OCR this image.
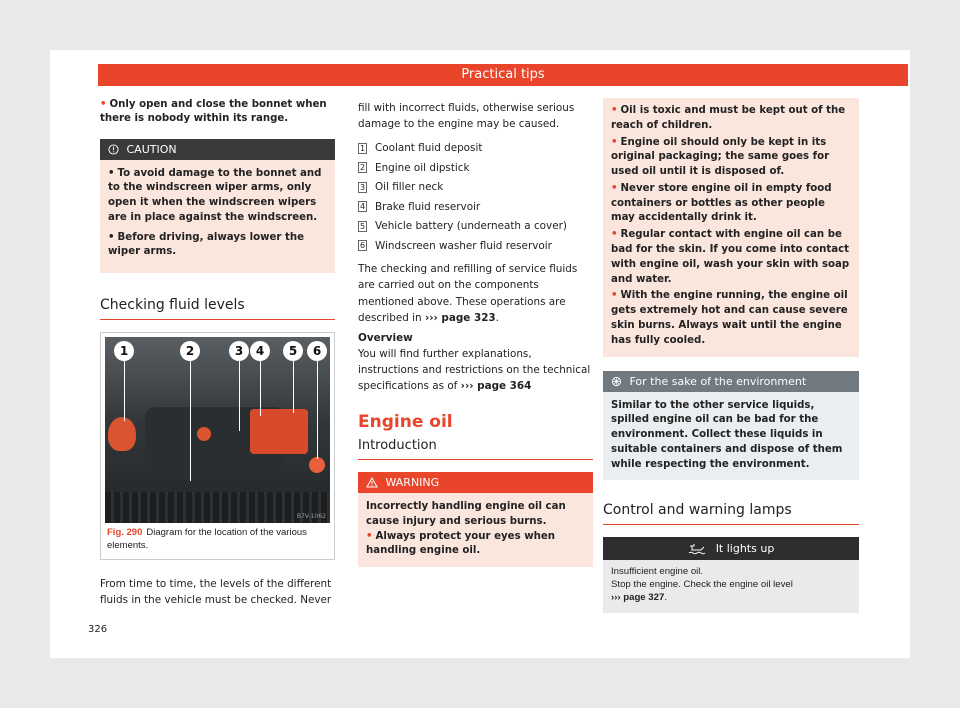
Practical tips
• Only open and close the bonnet when there is nobody within its range.
CAUTION

• To avoid damage to the bonnet and to the windscreen wiper arms, only open it when the windscreen wipers are in place against the windscreen.

• Before driving, always lower the wiper arms.

Checking fluid levels
1	2	3	4	5	6
B7V-1062
Fig. 290 Diagram for the location of the various elements.
From time to time, the levels of the different fluids in the vehicle must be checked. Never
fill with incorrect fluids, otherwise serious damage to the engine may be caused.
1 Coolant fluid deposit
2 Engine oil dipstick
3 Oil filler neck
4 Brake fluid reservoir
5 Vehicle battery (underneath a cover)
6 Windscreen washer fluid reservoir
The checking and refilling of service fluids are carried out on the components mentioned above. These operations are described in ››› page 323.
Overview
You will find further explanations, instructions and restrictions on the technical specifications as of ››› page 364
Engine oil
Introduction
WARNING

Incorrectly handling engine oil can cause injury and serious burns.

• Always protect your eyes when handling engine oil.

• Oil is toxic and must be kept out of the reach of children.

• Engine oil should only be kept in its original packaging; the same goes for used oil until it is disposed of.

• Never store engine oil in empty food containers or bottles as other people may accidentally drink it.

• Regular contact with engine oil can be bad for the skin. If you come into contact with engine oil, wash your skin with soap and water.

• With the engine running, the engine oil gets extremely hot and can cause severe skin burns. Always wait until the engine has fully cooled.

For the sake of the environment
Similar to the other service liquids, spilled engine oil can be bad for the environment. Collect these liquids in suitable containers and dispose of them while respecting the environment.
Control and warning lamps
It lights up
Insufficient engine oil.
Stop the engine. Check the engine oil level
››› page 327.
326
